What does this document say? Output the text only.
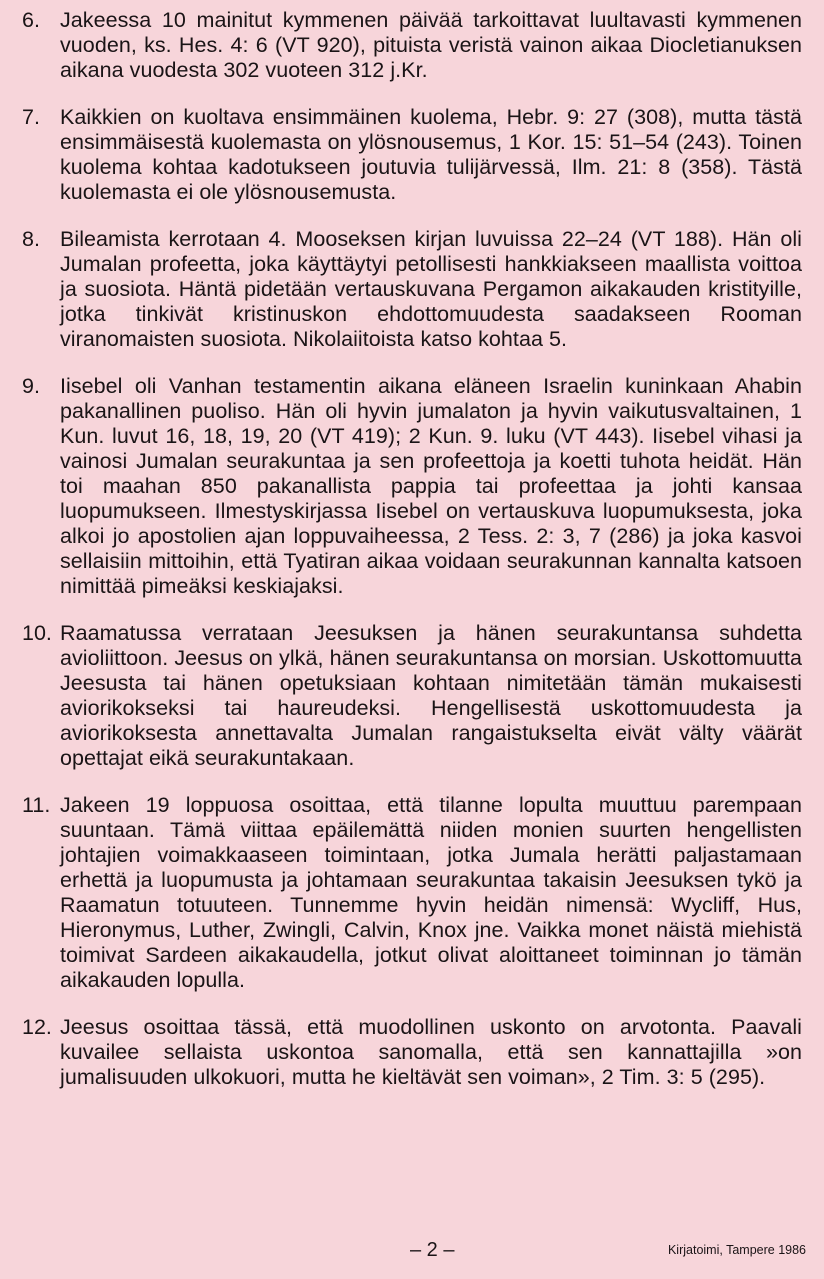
6. Jakeessa 10 mainitut kymmenen päivää tarkoittavat luultavasti kymmenen vuoden, ks. Hes. 4: 6 (VT 920), pituista veristä vainon aikaa Diocletianuksen aikana vuodesta 302 vuoteen 312 j.Kr.
7. Kaikkien on kuoltava ensimmäinen kuolema, Hebr. 9: 27 (308), mutta tästä ensimmäisestä kuolemasta on ylösnousemus, 1 Kor. 15: 51–54 (243). Toinen kuolema kohtaa kadotukseen joutuvia tulijärvessä, Ilm. 21: 8 (358). Tästä kuolemasta ei ole ylösnousemusta.
8. Bileamista kerrotaan 4. Mooseksen kirjan luvuissa 22–24 (VT 188). Hän oli Jumalan profeetta, joka käyttäytyi petollisesti hankkiakseen maallista voittoa ja suosiota. Häntä pidetään vertauskuvana Pergamon aikakauden kristityille, jotka tinkivät kristinuskon ehdottomuudesta saadakseen Rooman viranomaisten suosiota. Nikolaiitoista katso kohtaa 5.
9. Iisebel oli Vanhan testamentin aikana eläneen Israelin kuninkaan Ahabin pakanallinen puoliso. Hän oli hyvin jumalaton ja hyvin vaikutusvaltainen, 1 Kun. luvut 16, 18, 19, 20 (VT 419); 2 Kun. 9. luku (VT 443). Iisebel vihasi ja vainosi Jumalan seurakuntaa ja sen profeettoja ja koetti tuhota heidät. Hän toi maahan 850 pakanallista pappia tai profeettaa ja johti kansaa luopumukseen. Ilmestyskirjassa Iisebel on vertauskuva luopumuksesta, joka alkoi jo apostolien ajan loppuvaiheessa, 2 Tess. 2: 3, 7 (286) ja joka kasvoi sellaisiin mittoihin, että Tyatiran aikaa voidaan seurakunnan kannalta katsoen nimittää pimeäksi keskiajaksi.
10. Raamatussa verrataan Jeesuksen ja hänen seurakuntansa suhdetta avioliittoon. Jeesus on ylkä, hänen seurakuntansa on morsian. Uskottomuutta Jeesusta tai hänen opetuksiaan kohtaan nimitetään tämän mukaisesti aviorikokseksi tai haureudeksi. Hengellisestä uskottomuudesta ja aviorikoksesta annettavalta Jumalan rangaistukselta eivät välty väärät opettajat eikä seurakuntakaan.
11. Jakeen 19 loppuosa osoittaa, että tilanne lopulta muuttuu parempaan suuntaan. Tämä viittaa epäilemättä niiden monien suurten hengellisten johtajien voimakkaaseen toimintaan, jotka Jumala herätti paljastamaan erhettä ja luopumusta ja johtamaan seurakuntaa takaisin Jeesuksen tykö ja Raamatun totuuteen. Tunnemme hyvin heidän nimensä: Wycliff, Hus, Hieronymus, Luther, Zwingli, Calvin, Knox jne. Vaikka monet näistä miehistä toimivat Sardeen aikakaudella, jotkut olivat aloittaneet toiminnan jo tämän aikakauden lopulla.
12. Jeesus osoittaa tässä, että muodollinen uskonto on arvotonta. Paavali kuvailee sellaista uskontoa sanomalla, että sen kannattajilla »on jumalisuuden ulkokuori, mutta he kieltävät sen voiman», 2 Tim. 3: 5 (295).
– 2 –	Kirjatoimi, Tampere 1986
